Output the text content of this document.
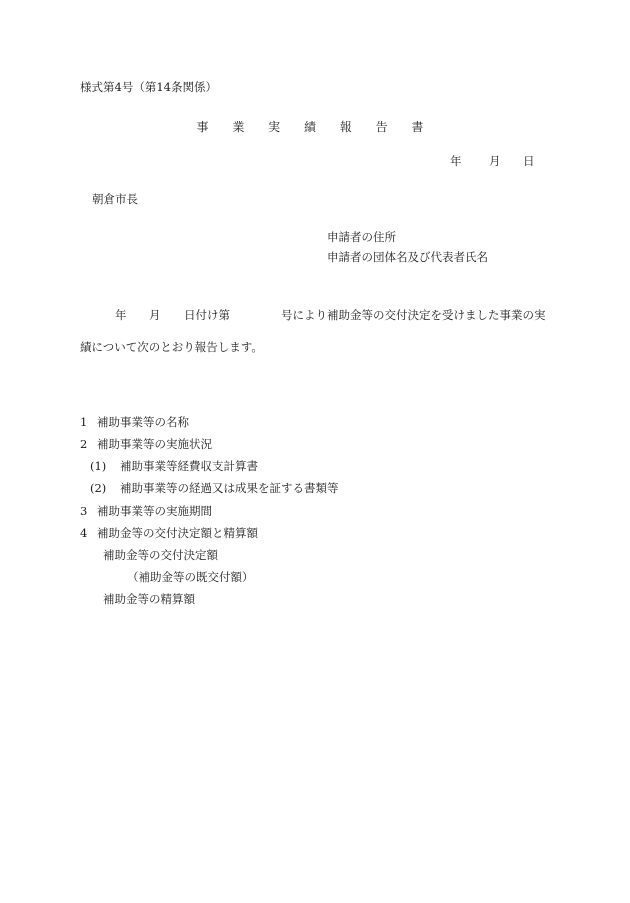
様式第4号（第14条関係）
事 業 実 績 報 告 書
年 月 日
朝倉市長
申請者の住所
申請者の団体名及び代表者氏名
年 月 日付け第	号により補助金等の交付決定を受けました事業の実
績について次のとおり報告します。
1 補助事業等の名称
2 補助事業等の実施状況
(1) 補助事業等経費収支計算書
(2) 補助事業等の経過又は成果を証する書類等
3 補助事業等の実施期間
4 補助金等の交付決定額と精算額
補助金等の交付決定額
（補助金等の既交付額）
補助金等の精算額
